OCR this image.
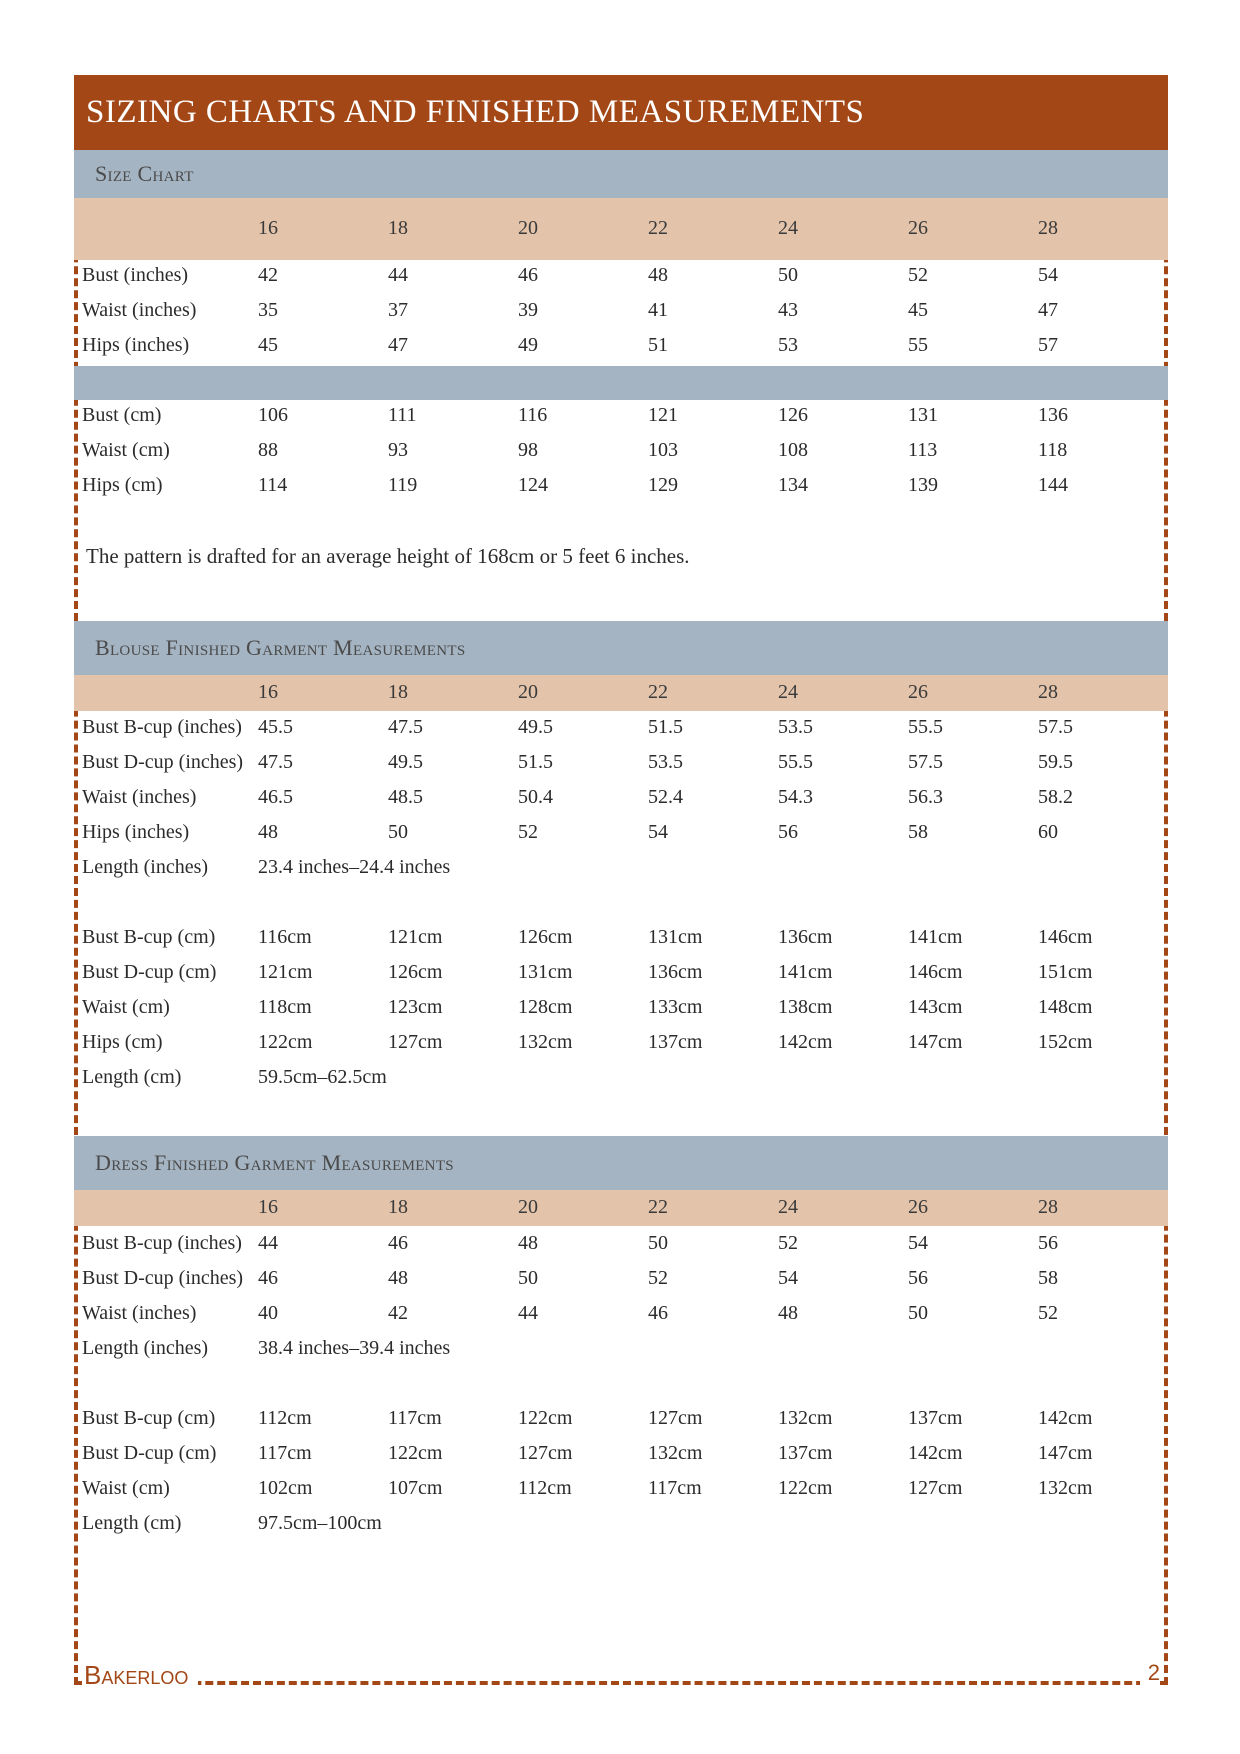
SIZING CHARTS AND FINISHED MEASUREMENTS
Size Chart
16	18	20	22	24	26	28
Bust (inches)	42	44	46	48	50	52	54
Waist (inches)	35	37	39	41	43	45	47
Hips (inches)	45	47	49	51	53	55	57
Bust (cm)	106	111	116	121	126	131	136
Waist (cm)	88	93	98	103	108	113	118
Hips (cm)	114	119	124	129	134	139	144
The pattern is drafted for an average height of 168cm or 5 feet 6 inches.
Blouse Finished Garment Measurements
16	18	20	22	24	26	28
Bust B-cup (inches) 45.5	47.5	49.5	51.5	53.5	55.5	57.5
Bust D-cup (inches) 47.5	49.5	51.5	53.5	55.5	57.5	59.5
Waist (inches)	46.5	48.5	50.4	52.4	54.3	56.3	58.2
Hips (inches)	48	50	52	54	56	58	60
Length (inches) 23.4 inches–24.4 inches
Bust B-cup (cm) 116cm	121cm	126cm	131cm	136cm	141cm	146cm
Bust D-cup (cm) 121cm	126cm	131cm	136cm	141cm	146cm	151cm
Waist (cm)	118cm	123cm	128cm	133cm	138cm	143cm	148cm
Hips (cm)	122cm	127cm	132cm	137cm	142cm	147cm	152cm
Length (cm)	59.5cm–62.5cm
Dress Finished Garment Measurements
16	18	20	22	24	26	28
Bust B-cup (inches) 44	46	48	50	52	54	56
Bust D-cup (inches) 46	48	50	52	54	56	58
Waist (inches)	40	42	44	46	48	50	52
Length (inches) 38.4 inches–39.4 inches
Bust B-cup (cm) 112cm	117cm	122cm	127cm	132cm	137cm	142cm
Bust D-cup (cm) 117cm	122cm	127cm	132cm	137cm	142cm	147cm
Waist (cm)	102cm	107cm	112cm	117cm	122cm	127cm	132cm
Length (cm)	97.5cm–100cm
Bakerloo	2
